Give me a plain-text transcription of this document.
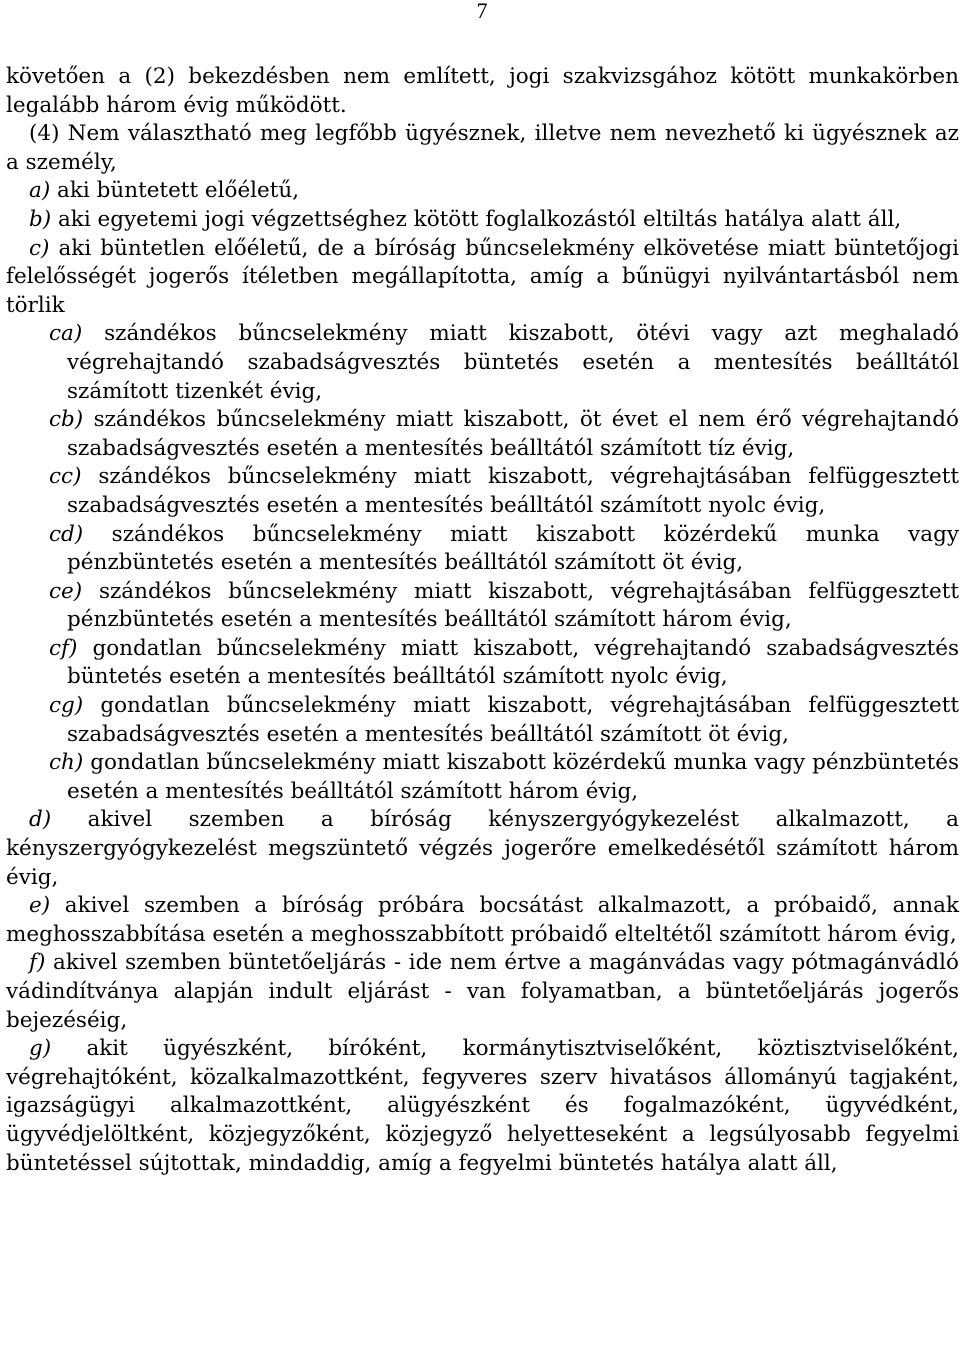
7

követően a (2) bekezdésben nem említett, jogi szakvizsgához kötött munkakörben legalább három évig működött.

(4) Nem választható meg legfőbb ügyésznek, illetve nem nevezhető ki ügyésznek az a személy,

a) aki büntetett előéletű,

b) aki egyetemi jogi végzettséghez kötött foglalkozástól eltiltás hatálya alatt áll,

c) aki büntetlen előéletű, de a bíróság bűncselekmény elkövetése miatt büntetőjogi felelősségét jogerős ítéletben megállapította, amíg a bűnügyi nyilvántartásból nem törlik

ca) szándékos bűncselekmény miatt kiszabott, ötévi vagy azt meghaladó végrehajtandó szabadságvesztés büntetés esetén a mentesítés beálltától számított tizenkét évig,

cb) szándékos bűncselekmény miatt kiszabott, öt évet el nem érő végrehajtandó szabadságvesztés esetén a mentesítés beálltától számított tíz évig,

cc) szándékos bűncselekmény miatt kiszabott, végrehajtásában felfüggesztett szabadságvesztés esetén a mentesítés beálltától számított nyolc évig,

cd) szándékos bűncselekmény miatt kiszabott közérdekű munka vagy pénzbüntetés esetén a mentesítés beálltától számított öt évig,

ce) szándékos bűncselekmény miatt kiszabott, végrehajtásában felfüggesztett pénzbüntetés esetén a mentesítés beálltától számított három évig,

cf) gondatlan bűncselekmény miatt kiszabott, végrehajtandó szabadságvesztés büntetés esetén a mentesítés beálltától számított nyolc évig,

cg) gondatlan bűncselekmény miatt kiszabott, végrehajtásában felfüggesztett szabadságvesztés esetén a mentesítés beálltától számított öt évig,

ch) gondatlan bűncselekmény miatt kiszabott közérdekű munka vagy pénzbüntetés esetén a mentesítés beálltától számított három évig,

d) akivel szemben a bíróság kényszergyógykezelést alkalmazott, a kényszergyógykezelést megszüntető végzés jogerőre emelkedésétől számított három évig,

e) akivel szemben a bíróság próbára bocsátást alkalmazott, a próbaidő, annak meghosszabbítása esetén a meghosszabbított próbaidő elteltétől számított három évig,

f) akivel szemben büntetőeljárás - ide nem értve a magánvádas vagy pótmagánvádló vádindítványa alapján indult eljárást - van folyamatban, a büntetőeljárás jogerős bejezéséig,

g) akit ügyészként, bíróként, kormánytisztviselőként, köztisztviselőként, végrehajtóként, közalkalmazottként, fegyveres szerv hivatásos állományú tagjaként, igazságügyi alkalmazottként, alügyészként és fogalmazóként, ügyvédként, ügyvédjelöltként, közjegyzőként, közjegyző helyetteseként a legsúlyosabb fegyelmi büntetéssel sújtottak, mindaddig, amíg a fegyelmi büntetés hatálya alatt áll,
